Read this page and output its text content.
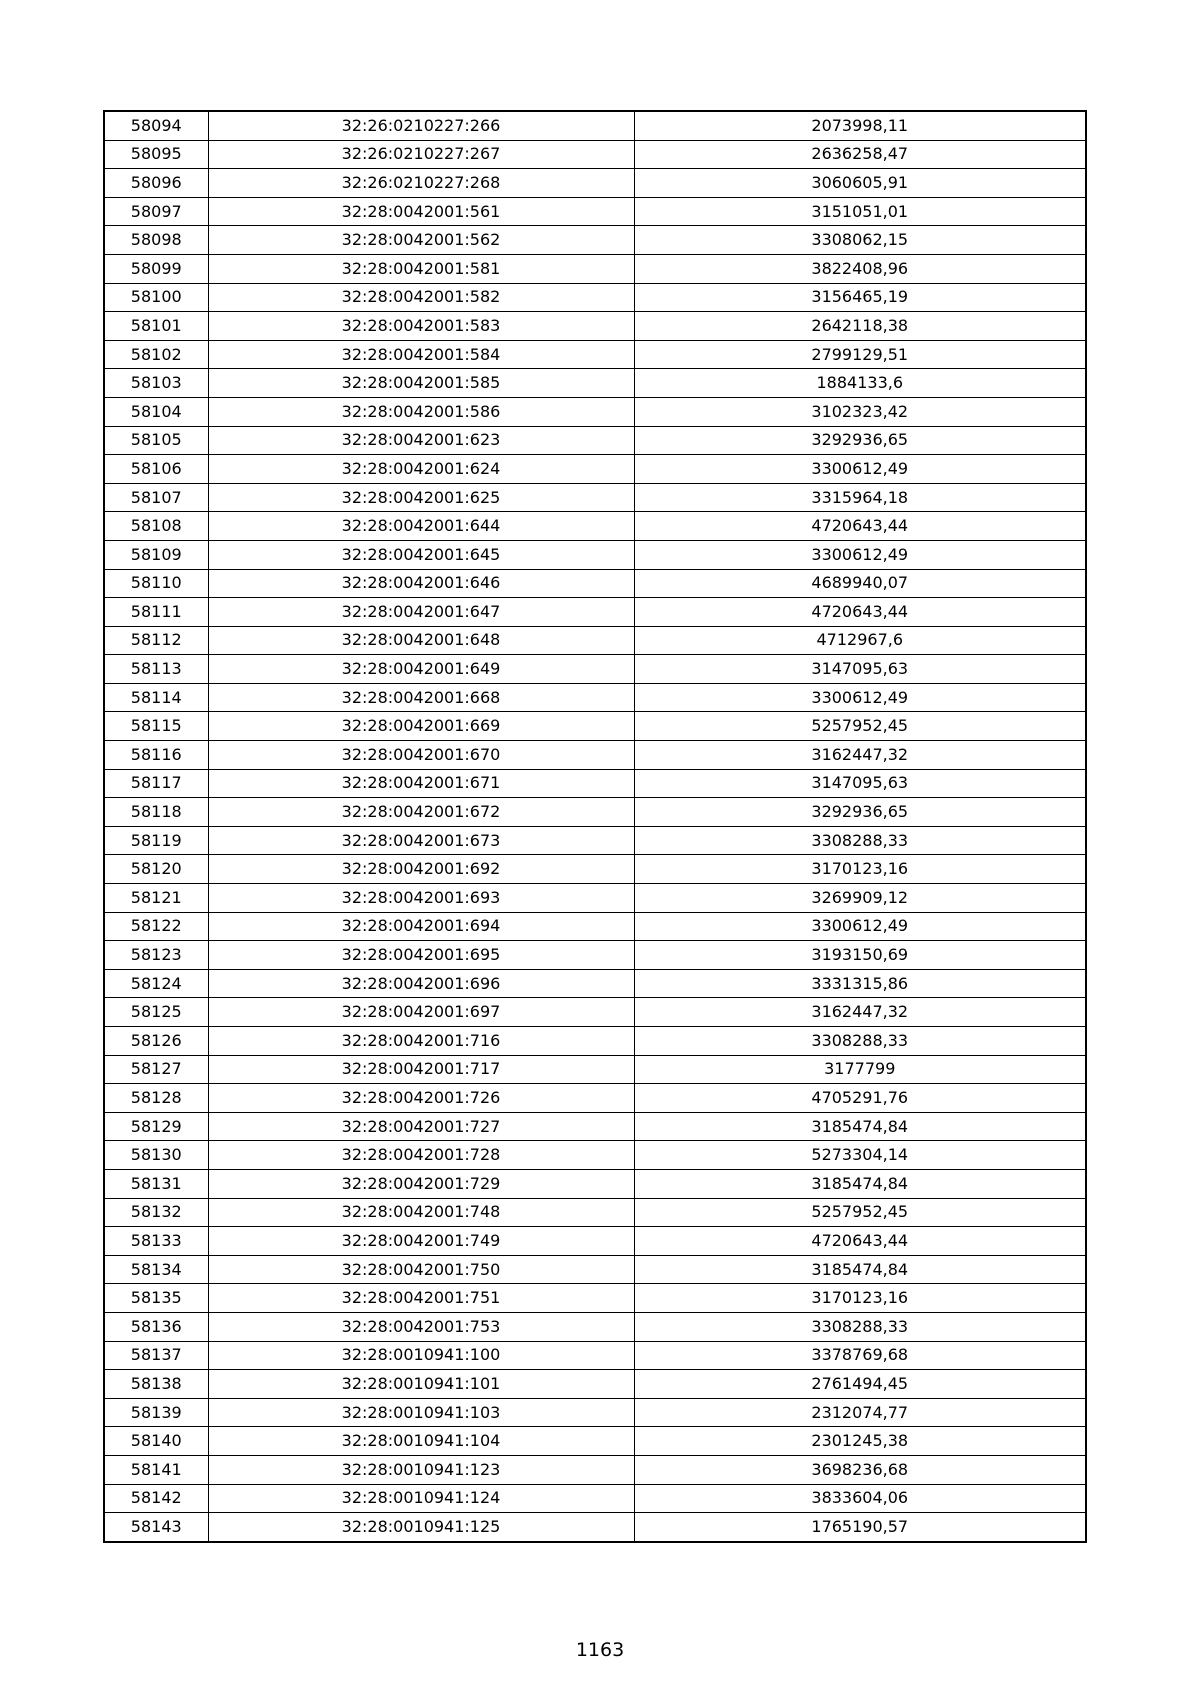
58094	32:26:0210227:266	2073998,11
58095	32:26:0210227:267	2636258,47
58096	32:26:0210227:268	3060605,91
58097	32:28:0042001:561	3151051,01
58098	32:28:0042001:562	3308062,15
58099	32:28:0042001:581	3822408,96
58100	32:28:0042001:582	3156465,19
58101	32:28:0042001:583	2642118,38
58102	32:28:0042001:584	2799129,51
58103	32:28:0042001:585	1884133,6
58104	32:28:0042001:586	3102323,42
58105	32:28:0042001:623	3292936,65
58106	32:28:0042001:624	3300612,49
58107	32:28:0042001:625	3315964,18
58108	32:28:0042001:644	4720643,44
58109	32:28:0042001:645	3300612,49
58110	32:28:0042001:646	4689940,07
58111	32:28:0042001:647	4720643,44
58112	32:28:0042001:648	4712967,6
58113	32:28:0042001:649	3147095,63
58114	32:28:0042001:668	3300612,49
58115	32:28:0042001:669	5257952,45
58116	32:28:0042001:670	3162447,32
58117	32:28:0042001:671	3147095,63
58118	32:28:0042001:672	3292936,65
58119	32:28:0042001:673	3308288,33
58120	32:28:0042001:692	3170123,16
58121	32:28:0042001:693	3269909,12
58122	32:28:0042001:694	3300612,49
58123	32:28:0042001:695	3193150,69
58124	32:28:0042001:696	3331315,86
58125	32:28:0042001:697	3162447,32
58126	32:28:0042001:716	3308288,33
58127	32:28:0042001:717	3177799
58128	32:28:0042001:726	4705291,76
58129	32:28:0042001:727	3185474,84
58130	32:28:0042001:728	5273304,14
58131	32:28:0042001:729	3185474,84
58132	32:28:0042001:748	5257952,45
58133	32:28:0042001:749	4720643,44
58134	32:28:0042001:750	3185474,84
58135	32:28:0042001:751	3170123,16
58136	32:28:0042001:753	3308288,33
58137	32:28:0010941:100	3378769,68
58138	32:28:0010941:101	2761494,45
58139	32:28:0010941:103	2312074,77
58140	32:28:0010941:104	2301245,38
58141	32:28:0010941:123	3698236,68
58142	32:28:0010941:124	3833604,06
58143	32:28:0010941:125	1765190,57
1163
